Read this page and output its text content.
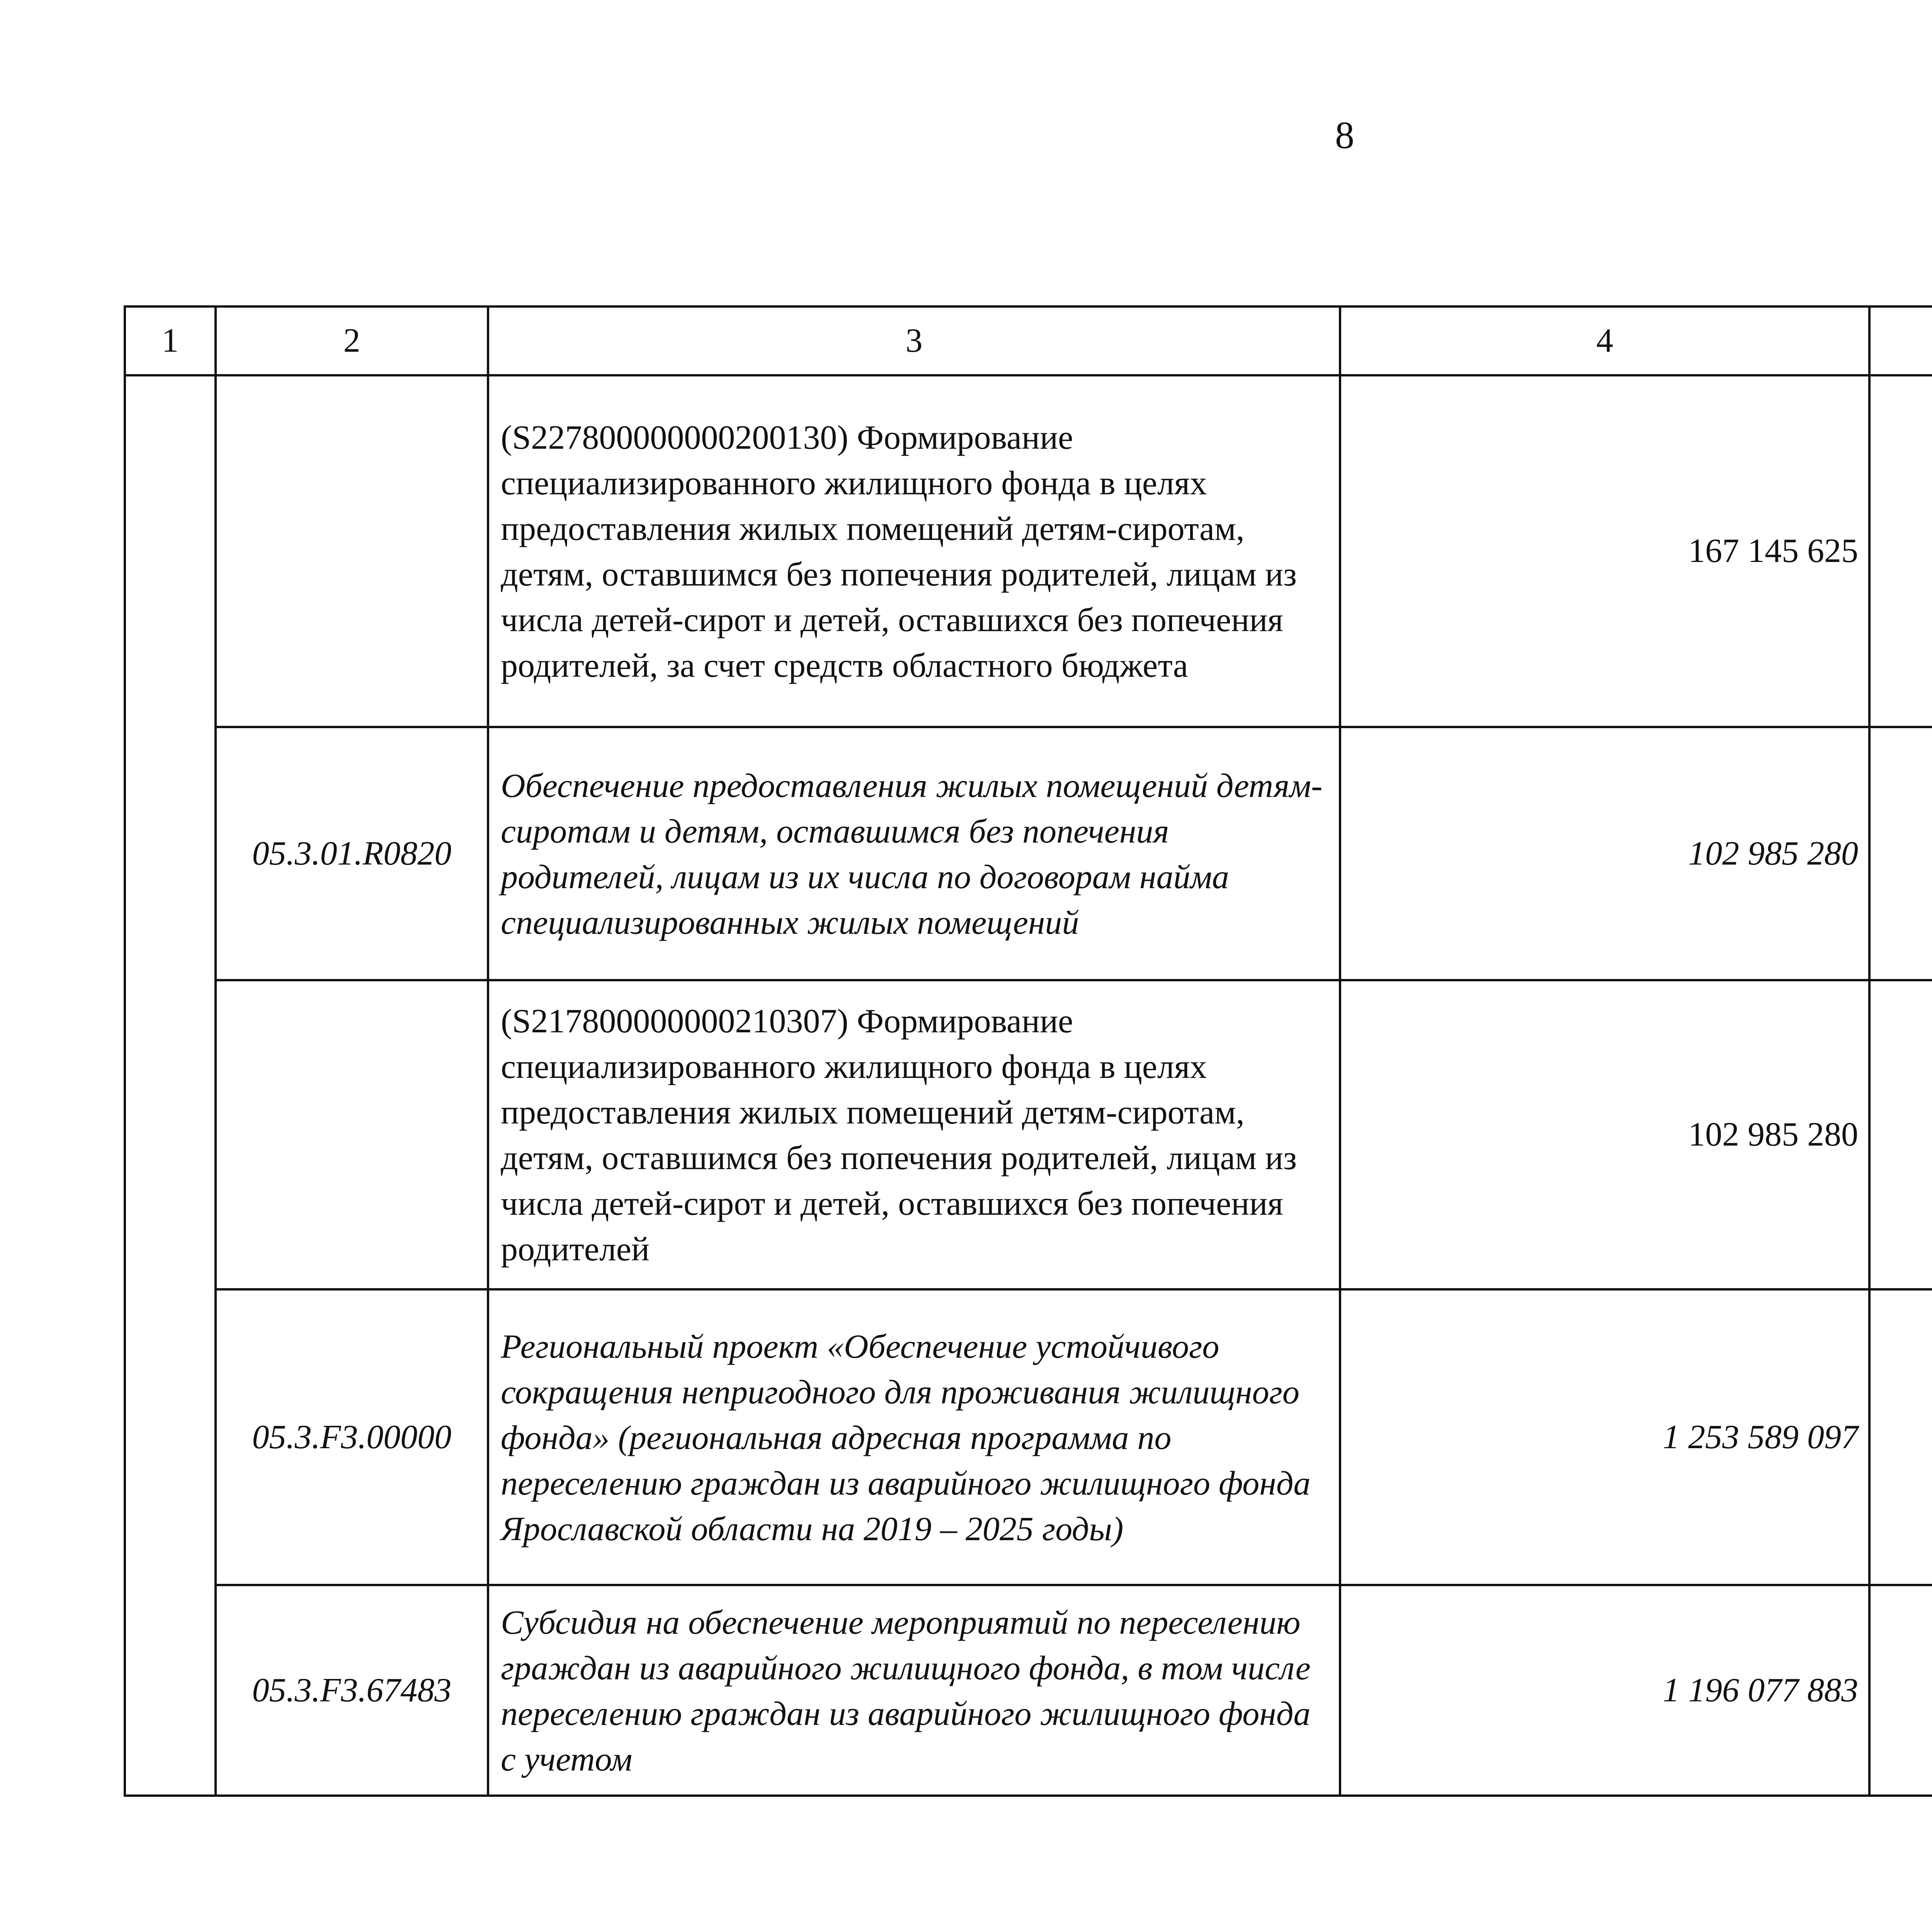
8
1	2	3	4			
		(S227800000000200130) Формирование специализированного жилищного фонда в целях предоставления жилых помещений детям-сиротам, детям, оставшимся без попечения родителей, лицам из числа детей-сирот и детей, оставшихся без попечения родителей, за счет средств областного бюджета	167 145 625			
	05.3.01.R0820	Обеспечение предоставления жилых помещений детям-сиротам и детям, оставшимся без попечения родителей, лицам из их числа по договорам найма специализированных жилых помещений	102 985 280			
		(S217800000000210307) Формирование специализированного жилищного фонда в целях предоставления жилых помещений детям-сиротам, детям, оставшимся без попечения родителей, лицам из числа детей-сирот и детей, оставшихся без попечения родителей	102 985 280			
	05.3.F3.00000	Региональный проект «Обеспечение устойчивого сокращения непригодного для проживания жилищного фонда» (региональная адресная программа по переселению граждан из аварийного жилищного фонда Ярославской области на 2019 – 2025 годы)	1 253 589 097			
	05.3.F3.67483	Субсидия на обеспечение мероприятий по переселению граждан из аварийного жилищного фонда, в том числе переселению граждан из аварийного жилищного фонда с учетом	1 196 077 883			
